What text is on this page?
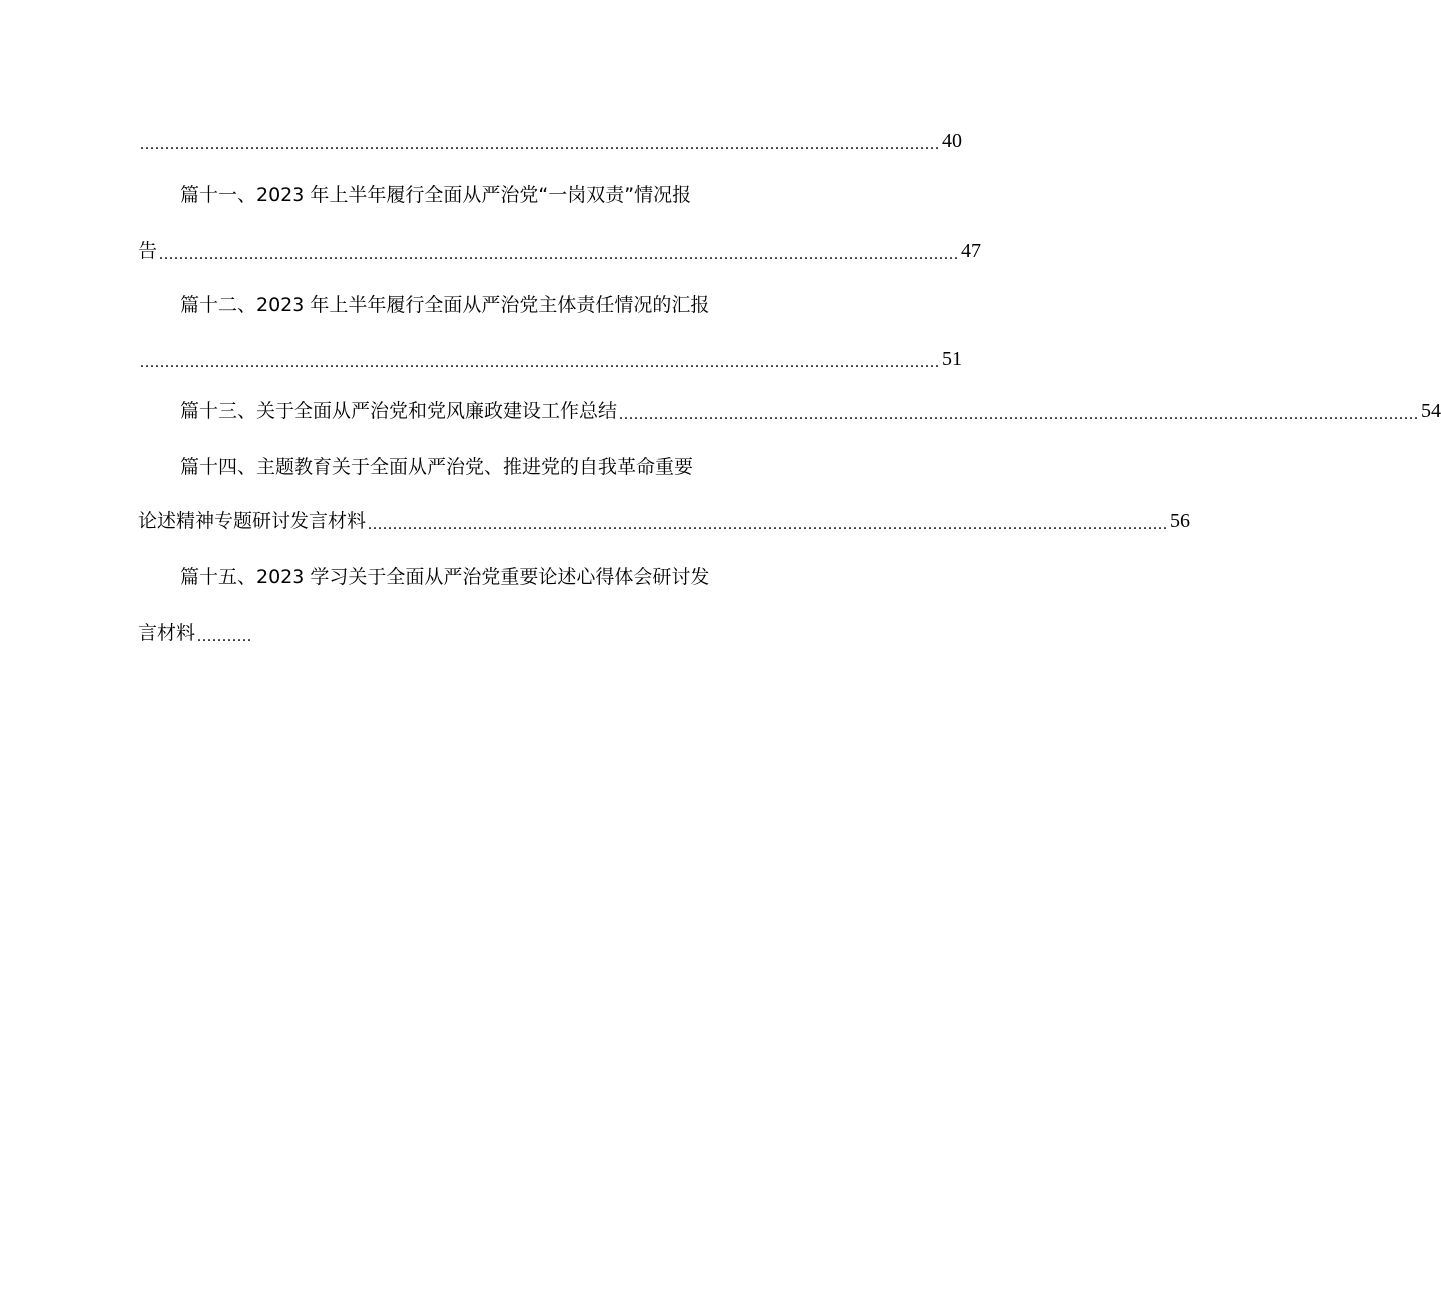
................................................................................................................................................................ 40
篇十一、2023 年上半年履行全面从严治党“一岗双责”情况报
告 ................................................................................................................................................................ 47
篇十二、2023 年上半年履行全面从严治党主体责任情况的汇报
................................................................................................................................................................ 51
篇十三、关于全面从严治党和党风廉政建设工作总结 ................................................................................................................................................................ 54
篇十四、主题教育关于全面从严治党、推进党的自我革命重要
论述精神专题研讨发言材料 ................................................................................................................................................................ 56
篇十五、2023 学习关于全面从严治党重要论述心得体会研讨发
言材料 ...........
